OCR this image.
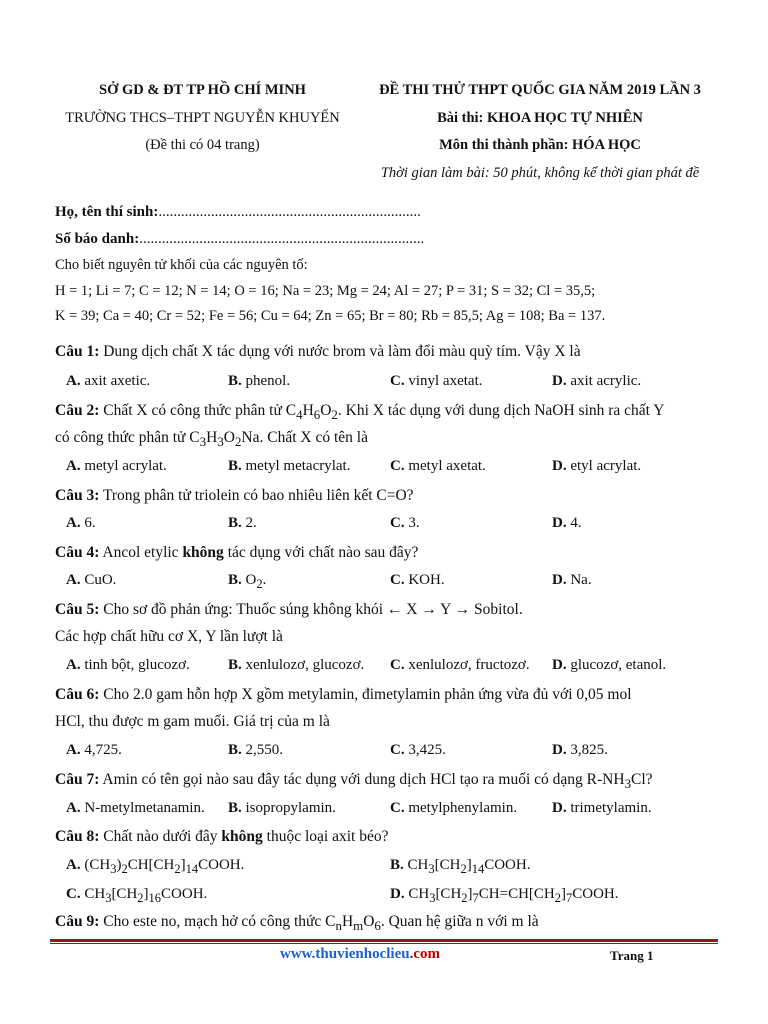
SỞ GD & ĐT TP HỒ CHÍ MINH
TRƯỜNG THCS–THPT NGUYỄN KHUYẾN
(Đề thi có 04 trang)
ĐỀ THI THỬ THPT QUỐC GIA NĂM 2019 LẦN 3
Bài thi: KHOA HỌC TỰ NHIÊN
Môn thi thành phần: HÓA HỌC
Thời gian làm bài: 50 phút, không kể thời gian phát đề
Họ, tên thí sinh:......................................................................
Số báo danh:............................................................................
Cho biết nguyên tử khối của các nguyên tố:
H = 1; Li = 7; C = 12; N = 14; O = 16; Na = 23; Mg = 24; Al = 27; P = 31; S = 32; Cl = 35,5;
K = 39; Ca = 40; Cr = 52; Fe = 56; Cu = 64; Zn = 65; Br = 80; Rb = 85,5; Ag = 108; Ba = 137.
Câu 1: Dung dịch chất X tác dụng với nước brom và làm đổi màu quỳ tím. Vậy X là
A. axit axetic.	B. phenol.	C. vinyl axetat.	D. axit acrylic.
Câu 2: Chất X có công thức phân tử $C_4H_6O_2$. Khi X tác dụng với dung dịch NaOH sinh ra chất Y
có công thức phân tử $C_3H_3O_2Na$. Chất X có tên là
A. metyl acrylat.	B. metyl metacrylat.	C. metyl axetat.	D. etyl acrylat.
Câu 3: Trong phân tử triolein có bao nhiêu liên kết C=O?
A. 6.	B. 2.	C. 3.	D. 4.
Câu 4: Ancol etylic không tác dụng với chất nào sau đây?
A. CuO.	B. $O_2$.	C. KOH.	D. Na.
Câu 5: Cho sơ đồ phản ứng: Thuốc súng không khói ← X → Y → Sobitol.
Các hợp chất hữu cơ X, Y lần lượt là
A. tinh bột, glucozơ.	B. xenlulozơ, glucozơ. C. xenlulozơ, fructozơ. D. glucozơ, etanol.
Câu 6: Cho 2.0 gam hỗn hợp X gồm metylamin, đimetylamin phản ứng vừa đủ với 0,05 mol
HCl, thu được m gam muối. Giá trị của m là
A. 4,725.	B. 2,550.	C. 3,425.	D. 3,825.
Câu 7: Amin có tên gọi nào sau đây tác dụng với dung dịch HCl tạo ra muối có dạng $R-NH_3Cl$?
A. N-metylmetanamin. B. isopropylamin.	C. metylphenylamin. D. trimetylamin.
Câu 8: Chất nào dưới đây không thuộc loại axit béo?
A. $(CH_3)_2CH[CH_2]_{14}COOH$.	B. $CH_3[CH_2]_{14}COOH$.
C. $CH_3[CH_2]_{16}COOH$.	D. $CH_3[CH_2]_7CH=CH[CH_2]_7COOH$.
Câu 9: Cho este no, mạch hở có công thức $C_nH_mO_6$. Quan hệ giữa n với m là
www.thuvienhoclieu.com	Trang 1
